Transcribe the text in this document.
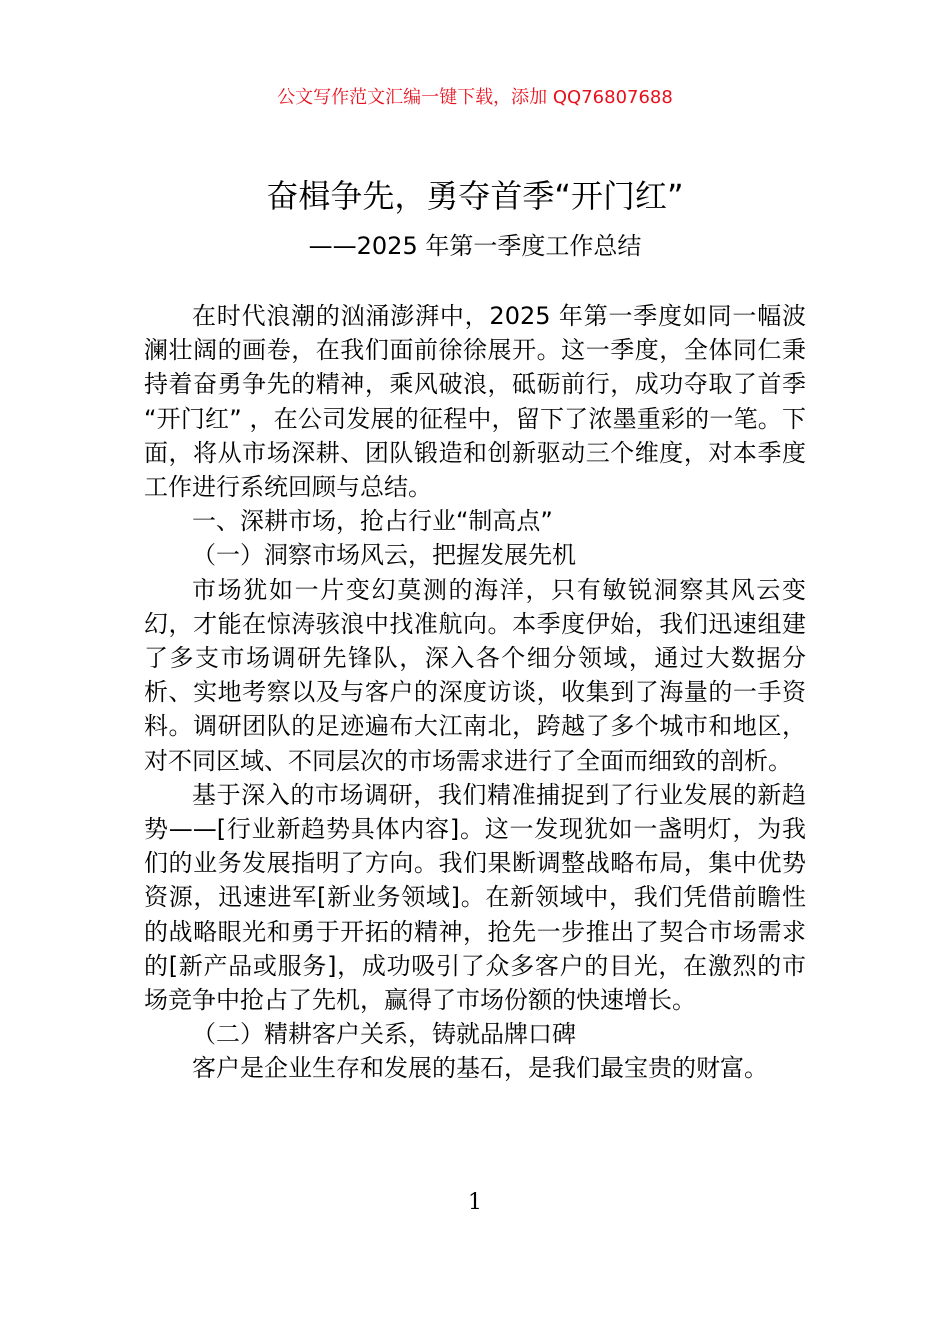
公文写作范文汇编一键下载，添加 QQ76807688
奋楫争先，勇夺首季“开门红”
——2025 年第一季度工作总结

在时代浪潮的汹涌澎湃中，2025 年第一季度如同一幅波澜壮阔的画卷，在我们面前徐徐展开。这一季度，全体同仁秉持着奋勇争先的精神，乘风破浪，砥砺前行，成功夺取了首季 “开门红” ，在公司发展的征程中，留下了浓墨重彩的一笔。下面，将从市场深耕、团队锻造和创新驱动三个维度，对本季度工作进行系统回顾与总结。

一、深耕市场，抢占行业“制高点”

（一）洞察市场风云，把握发展先机

市场犹如一片变幻莫测的海洋，只有敏锐洞察其风云变幻，才能在惊涛骇浪中找准航向。本季度伊始，我们迅速组建了多支市场调研先锋队，深入各个细分领域，通过大数据分析、实地考察以及与客户的深度访谈，收集到了海量的一手资料。调研团队的足迹遍布大江南北，跨越了多个城市和地区，对不同区域、不同层次的市场需求进行了全面而细致的剖析。

基于深入的市场调研，我们精准捕捉到了行业发展的新趋势——[行业新趋势具体内容]。这一发现犹如一盏明灯，为我们的业务发展指明了方向。我们果断调整战略布局，集中优势资源，迅速进军[新业务领域]。在新领域中，我们凭借前瞻性的战略眼光和勇于开拓的精神，抢先一步推出了契合市场需求的[新产品或服务]，成功吸引了众多客户的目光，在激烈的市场竞争中抢占了先机，赢得了市场份额的快速增长。

（二）精耕客户关系，铸就品牌口碑

客户是企业生存和发展的基石，是我们最宝贵的财富。

1
